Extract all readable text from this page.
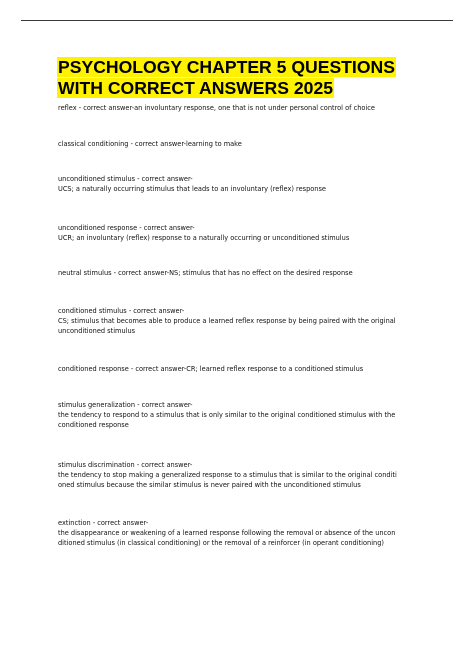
PSYCHOLOGY CHAPTER 5 QUESTIONS
WITH CORRECT ANSWERS 2025
reflex - correct answer-an involuntary response, one that is not under personal control of choice
classical conditioning - correct answer-learning to make
unconditioned stimulus - correct answer-
UCS; a naturally occurring stimulus that leads to an involuntary (reflex) response
unconditioned response - correct answer-
UCR; an involuntary (reflex) response to a naturally occurring or unconditioned stimulus
neutral stimulus - correct answer-NS; stimulus that has no effect on the desired response
conditioned stimulus - correct answer-
CS; stimulus that becomes able to produce a learned reflex response by being paired with the original
unconditioned stimulus
conditioned response - correct answer-CR; learned reflex response to a conditioned stimulus
stimulus generalization - correct answer-
the tendency to respond to a stimulus that is only similar to the original conditioned stimulus with the
conditioned response
stimulus discrimination - correct answer-
the tendency to stop making a generalized response to a stimulus that is similar to the original conditi
oned stimulus because the similar stimulus is never paired with the unconditioned stimulus
extinction - correct answer-
the disappearance or weakening of a learned response following the removal or absence of the uncon
ditioned stimulus (in classical conditioning) or the removal of a reinforcer (in operant conditioning)
